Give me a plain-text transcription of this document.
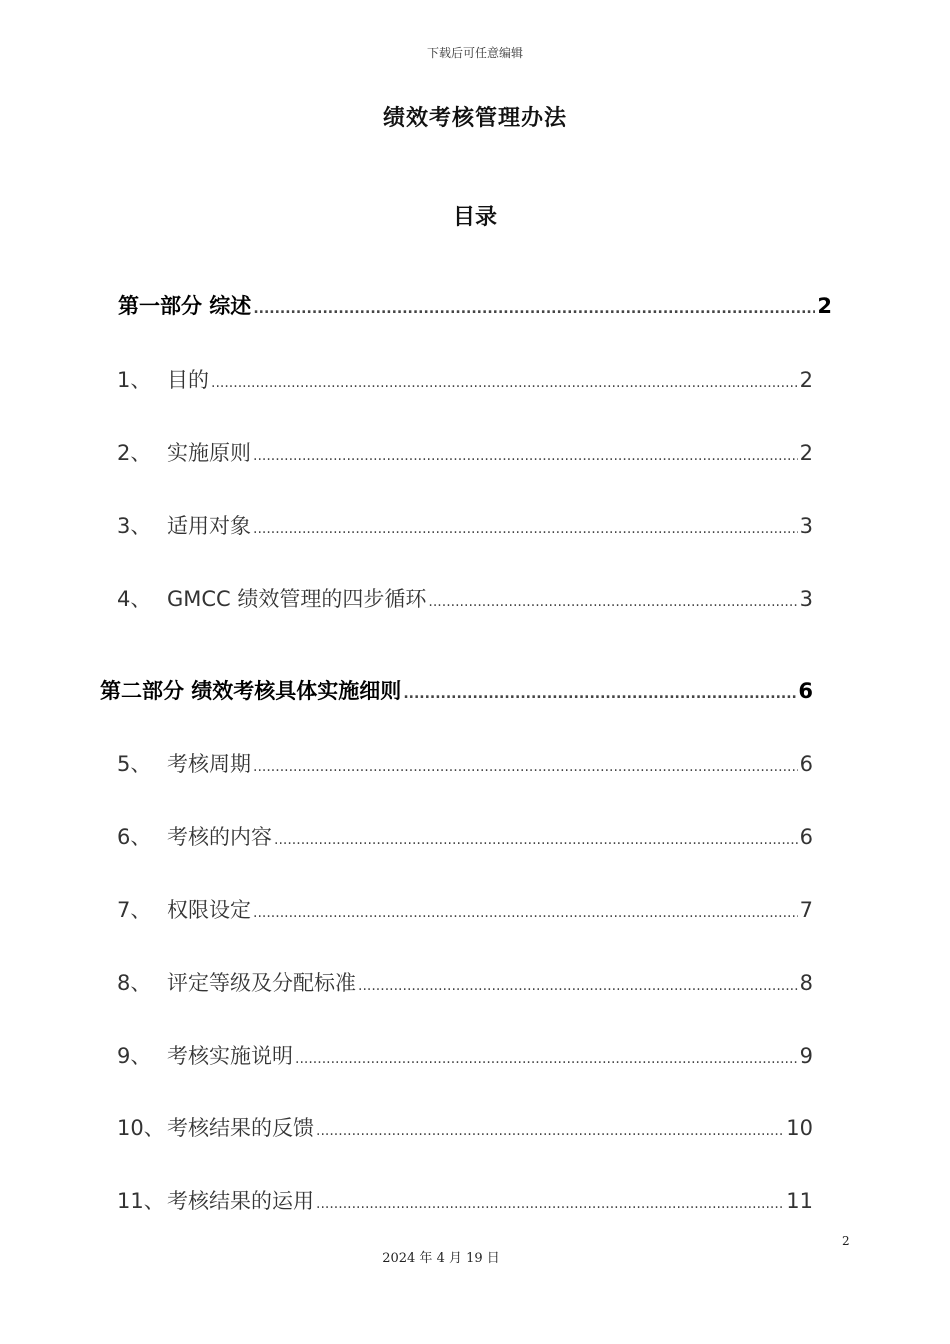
下载后可任意编辑
绩效考核管理办法
目录
第一部分 综述 .....	2
1、 目的 .....	2
2、 实施原则 .....	2
3、 适用对象 .....	3
4、 GMCC 绩效管理的四步循环 .....	3
第二部分 绩效考核具体实施细则 .....	6
5、 考核周期 .....	6
6、 考核的内容 .....	6
7、 权限设定 .....	7
8、 评定等级及分配标准 .....	8
9、 考核实施说明 .....	9
10、 考核结果的反馈 .....	10
11、 考核结果的运用 .....	11
2
2024 年 4 月 19 日
